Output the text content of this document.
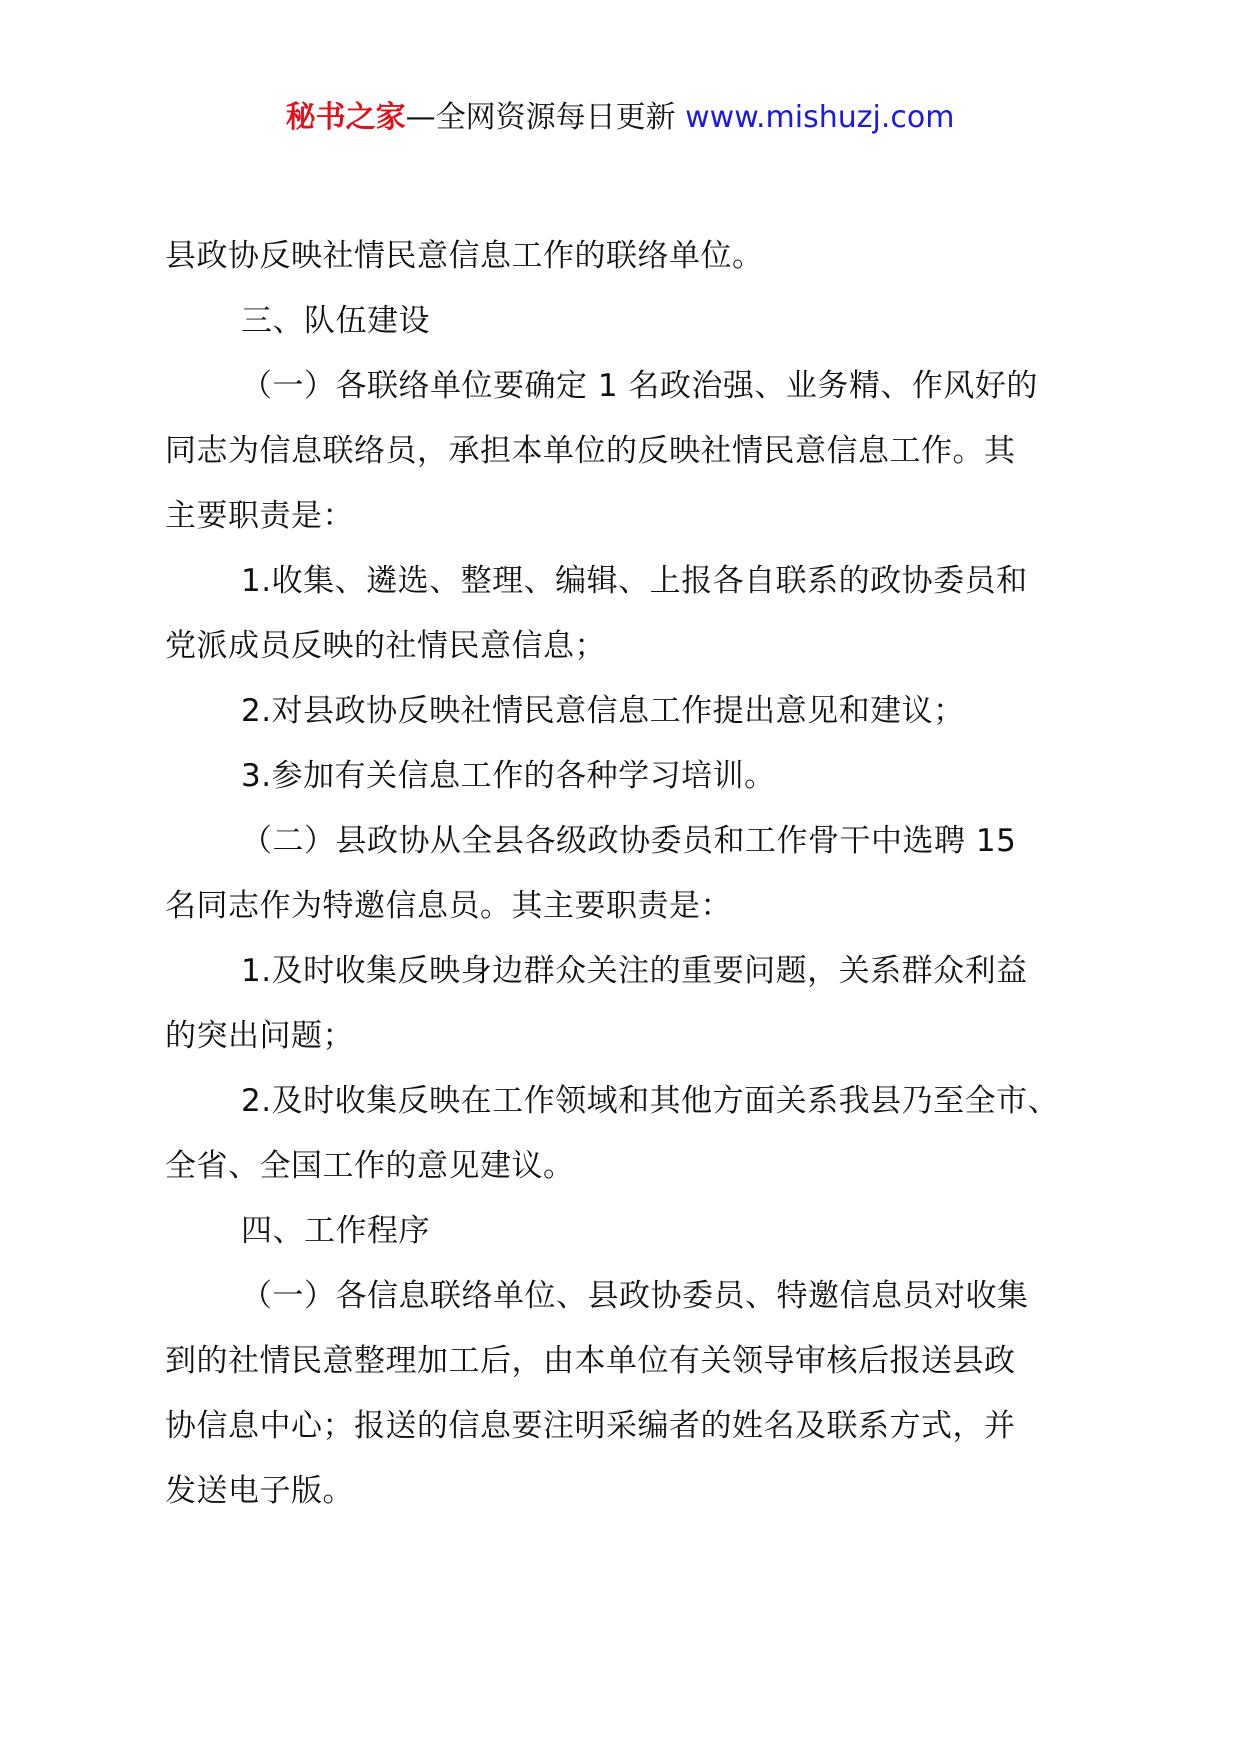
秘书之家—全网资源每日更新 www.mishuzj.com
县政协反映社情民意信息工作的联络单位。
三、队伍建设
（一）各联络单位要确定 1 名政治强、业务精、作风好的
同志为信息联络员，承担本单位的反映社情民意信息工作。其
主要职责是：
1.收集、遴选、整理、编辑、上报各自联系的政协委员和
党派成员反映的社情民意信息；
2.对县政协反映社情民意信息工作提出意见和建议；
3.参加有关信息工作的各种学习培训。
（二）县政协从全县各级政协委员和工作骨干中选聘 15
名同志作为特邀信息员。其主要职责是：
1.及时收集反映身边群众关注的重要问题，关系群众利益
的突出问题；
2.及时收集反映在工作领域和其他方面关系我县乃至全市、
全省、全国工作的意见建议。
四、工作程序
（一）各信息联络单位、县政协委员、特邀信息员对收集
到的社情民意整理加工后，由本单位有关领导审核后报送县政
协信息中心；报送的信息要注明采编者的姓名及联系方式，并
发送电子版。
